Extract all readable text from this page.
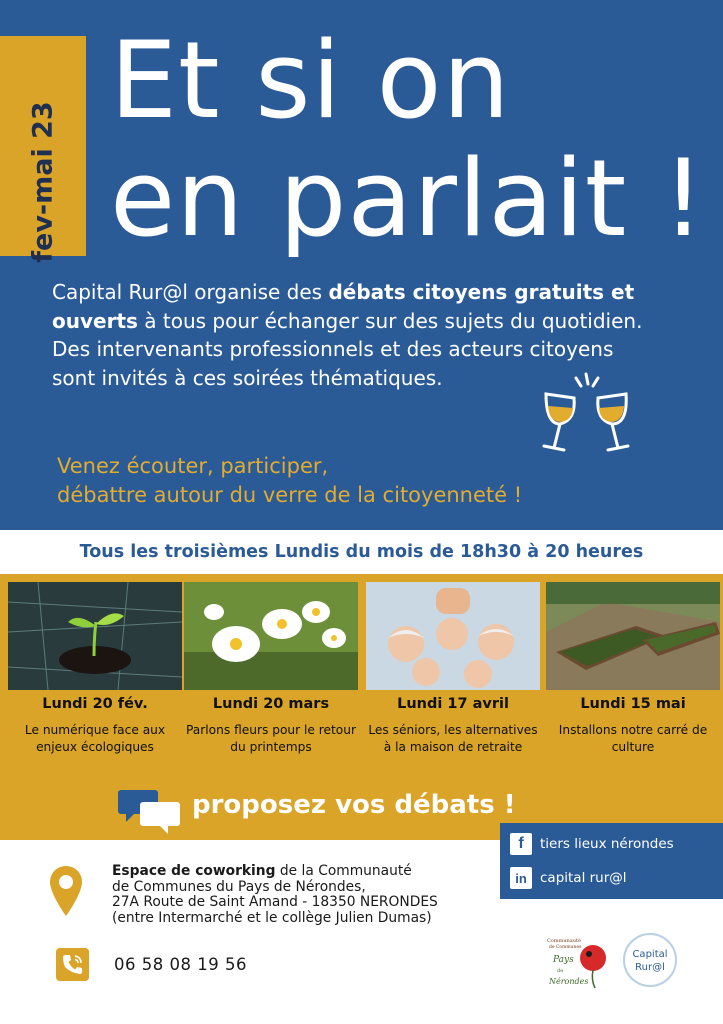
fev-mai 23
Et si on
en parlait !
Capital Rur@l organise des débats citoyens gratuits et ouverts à tous pour échanger sur des sujets du quotidien. Des intervenants professionnels et des acteurs citoyens sont invités à ces soirées thématiques.
Venez écouter, participer,
débattre autour du verre de la citoyenneté !
Tous les troisièmes Lundis du mois de 18h30 à 20 heures
Lundi 20 fév.
Le numérique face aux enjeux écologiques
Lundi 20 mars
Parlons fleurs pour le retour du printemps
Lundi 17 avril
Les séniors, les alternatives à la maison de retraite
Lundi 15 mai
Installons notre carré de culture
proposez vos débats !
f	tiers lieux nérondes
in capital rur@l
Espace de coworking de la Communauté
de Communes du Pays de Nérondes,
27A Route de Saint Amand - 18350 NERONDES
(entre Intermarché et le collège Julien Dumas)
06 58 08 19 56
Communauté
de Communes
Pays
de
Nérondes
Capital
Rur@l
